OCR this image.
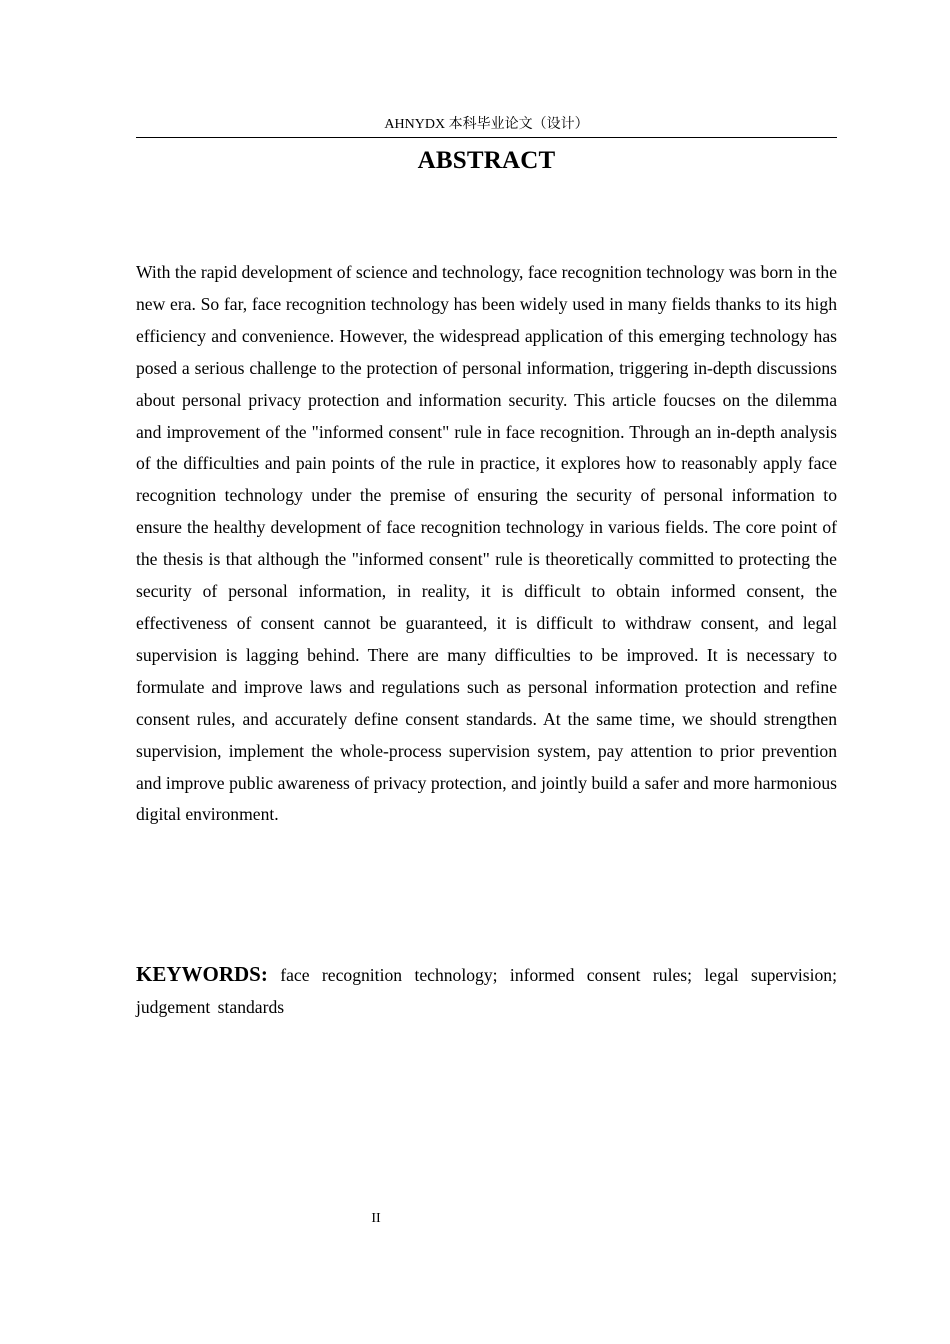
AHNYDX 本科毕业论文（设计）
ABSTRACT

With the rapid development of science and technology, face recognition technology was born in the new era. So far, face recognition technology has been widely used in many fields thanks to its high efficiency and convenience. However, the widespread application of this emerging technology has posed a serious challenge to the protection of personal information, triggering in-depth discussions about personal privacy protection and information security. This article foucses on the dilemma and improvement of the "informed consent" rule in face recognition. Through an in-depth analysis of the difficulties and pain points of the rule in practice, it explores how to reasonably apply face recognition technology under the premise of ensuring the security of personal information to ensure the healthy development of face recognition technology in various fields. The core point of the thesis is that although the "informed consent" rule is theoretically committed to protecting the security of personal information, in reality, it is difficult to obtain informed consent, the effectiveness of consent cannot be guaranteed, it is difficult to withdraw consent, and legal supervision is lagging behind. There are many difficulties to be improved. It is necessary to formulate and improve laws and regulations such as personal information protection and refine consent rules, and accurately define consent standards. At the same time, we should strengthen supervision, implement the whole-process supervision system, pay attention to prior prevention and improve public awareness of privacy protection, and jointly build a safer and more harmonious digital environment.

KEYWORDS: face recognition technology; informed consent rules; legal supervision; judgement standards

II
